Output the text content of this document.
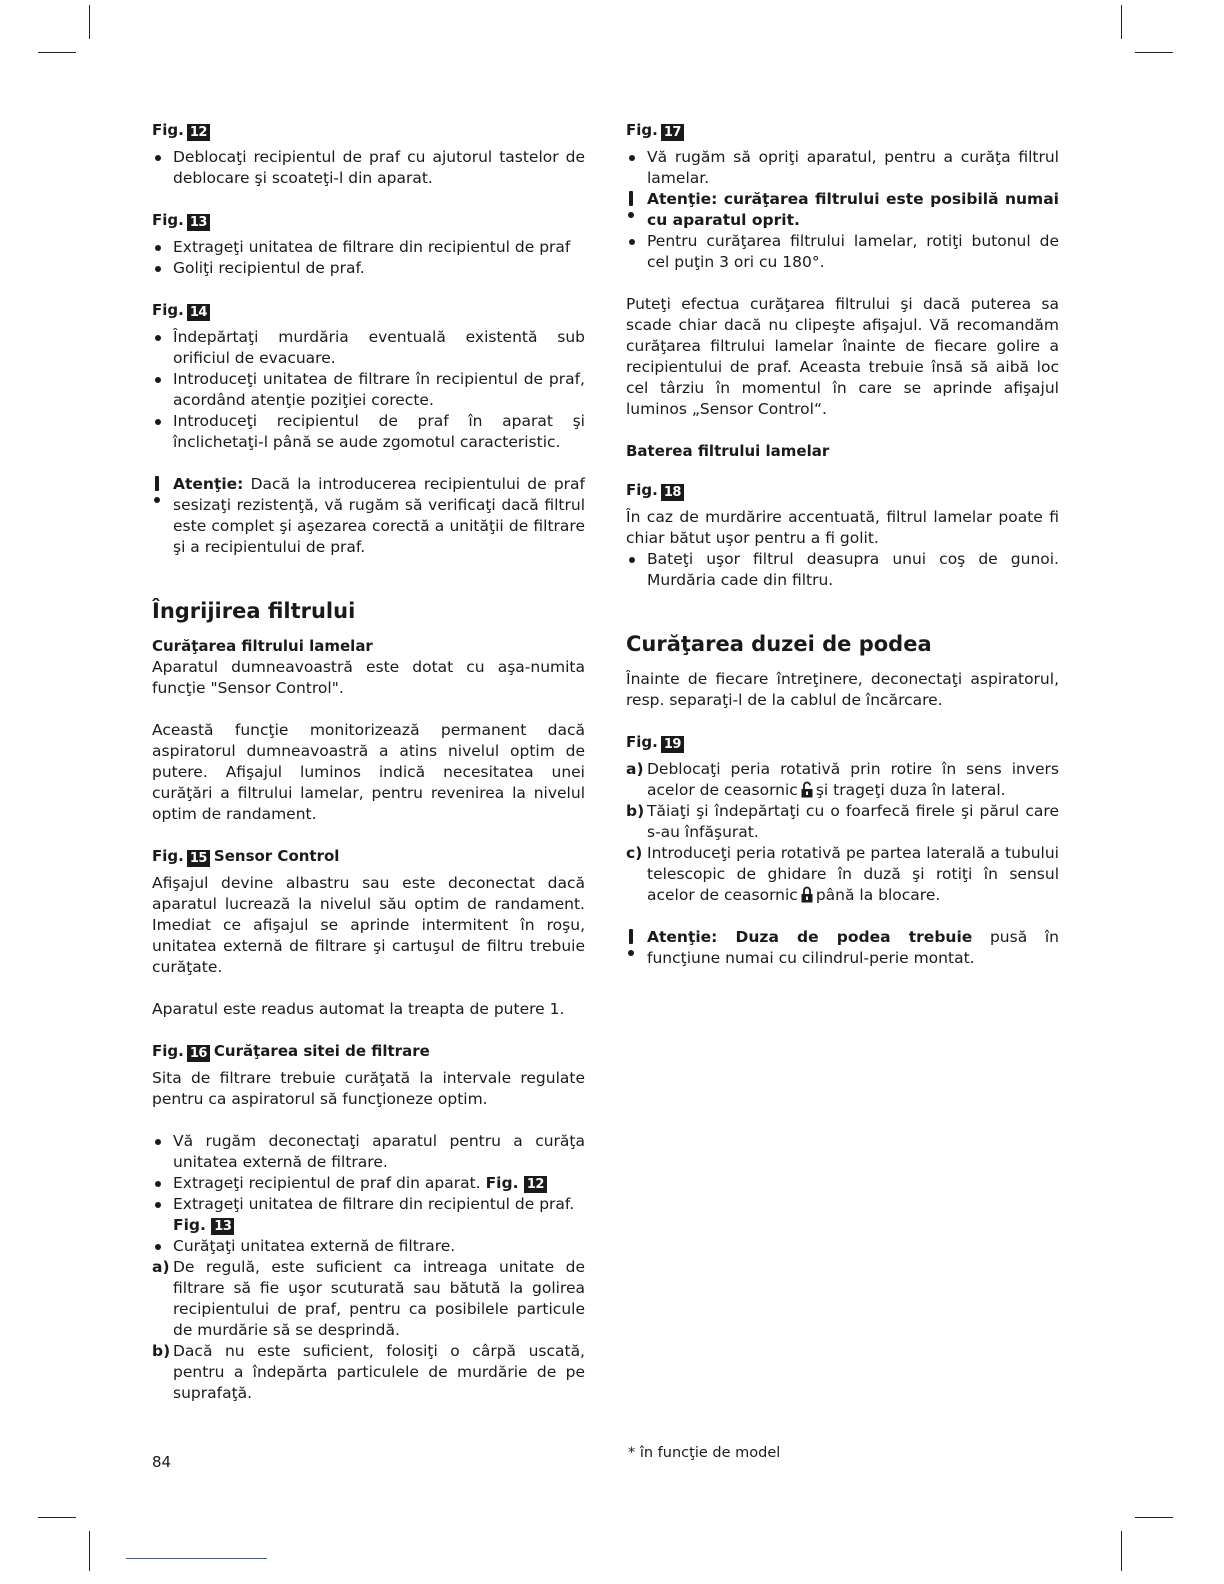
Fig. 12
Deblocaţi recipientul de praf cu ajutorul tastelor de deblocare şi scoateţi-l din aparat.
Fig. 13
Extrageţi unitatea de filtrare din recipientul de praf
Goliţi recipientul de praf.
Fig. 14
Îndepărtaţi murdăria eventuală existentă sub orificiul de evacuare.
Introduceţi unitatea de filtrare în recipientul de praf, acordând atenţie poziţiei corecte.
Introduceţi recipientul de praf în aparat şi înclichetaţi-l până se aude zgomotul caracteristic.

Atenţie: Dacă la introducerea recipientului de praf sesizaţi rezistenţă, vă rugăm să verificaţi dacă filtrul este complet şi aşezarea corectă a unităţii de filtrare şi a recipientului de praf.

Îngrijirea filtrului
Curăţarea filtrului lamelar

Aparatul dumneavoastră este dotat cu aşa-numita funcţie "Sensor Control".

Această funcţie monitorizează permanent dacă aspiratorul dumneavoastră a atins nivelul optim de putere. Afişajul luminos indică necesitatea unei curăţări a filtrului lamelar, pentru revenirea la nivelul optim de randament.

Fig. 15 Sensor Control

Afişajul devine albastru sau este deconectat dacă aparatul lucrează la nivelul său optim de randament. Imediat ce afişajul se aprinde intermitent în roşu, unitatea externă de filtrare şi cartuşul de filtru trebuie curăţate.

Aparatul este readus automat la treapta de putere 1.

Fig. 16 Curăţarea sitei de filtrare

Sita de filtrare trebuie curăţată la intervale regulate pentru ca aspiratorul să funcţioneze optim.

Vă rugăm deconectaţi aparatul pentru a curăţa unitatea externă de filtrare.
Extrageţi recipientul de praf din aparat. Fig. 12
Extrageţi unitatea de filtrare din recipientul de praf.
Fig. 13
Curăţaţi unitatea externă de filtrare.
a) De regulă, este suficient ca intreaga unitate de filtrare să fie uşor scuturată sau bătută la golirea recipientului de praf, pentru ca posibilele particule de murdărie să se desprindă.
b) Dacă nu este suficient, folosiţi o cârpă uscată, pentru a îndepărta particulele de murdărie de pe suprafaţă.
Fig. 17
Vă rugăm să opriţi aparatul, pentru a curăţa filtrul lamelar.

Atenţie: curăţarea filtrului este posibilă numai cu aparatul oprit.

Pentru curăţarea filtrului lamelar, rotiţi butonul de cel puţin 3 ori cu 180°.

Puteţi efectua curăţarea filtrului şi dacă puterea sa scade chiar dacă nu clipeşte afişajul. Vă recomandăm curăţarea filtrului lamelar înainte de fiecare golire a recipientului de praf. Aceasta trebuie însă să aibă loc cel târziu în momentul în care se aprinde afişajul luminos „Sensor Control“.

Baterea filtrului lamelar
Fig. 18

În caz de murdărire accentuată, filtrul lamelar poate fi chiar bătut uşor pentru a fi golit.

Bateţi uşor filtrul deasupra unui coş de gunoi. Murdăria cade din filtru.
Curăţarea duzei de podea

Înainte de fiecare întreţinere, deconectaţi aspiratorul, resp. separaţi-l de la cablul de încărcare.

Fig. 19
a) Deblocaţi peria rotativă prin rotire în sens invers acelor de ceasornic şi trageţi duza în lateral.
b) Tăiaţi şi îndepărtaţi cu o foarfecă firele şi părul care s-au înfăşurat.
c) Introduceţi peria rotativă pe partea laterală a tubului telescopic de ghidare în duză şi rotiţi în sensul acelor de ceasornic până la blocare.

Atenţie: Duza de podea trebuie pusă în funcţiune numai cu cilindrul-perie montat.

84	* în funcţie de model
